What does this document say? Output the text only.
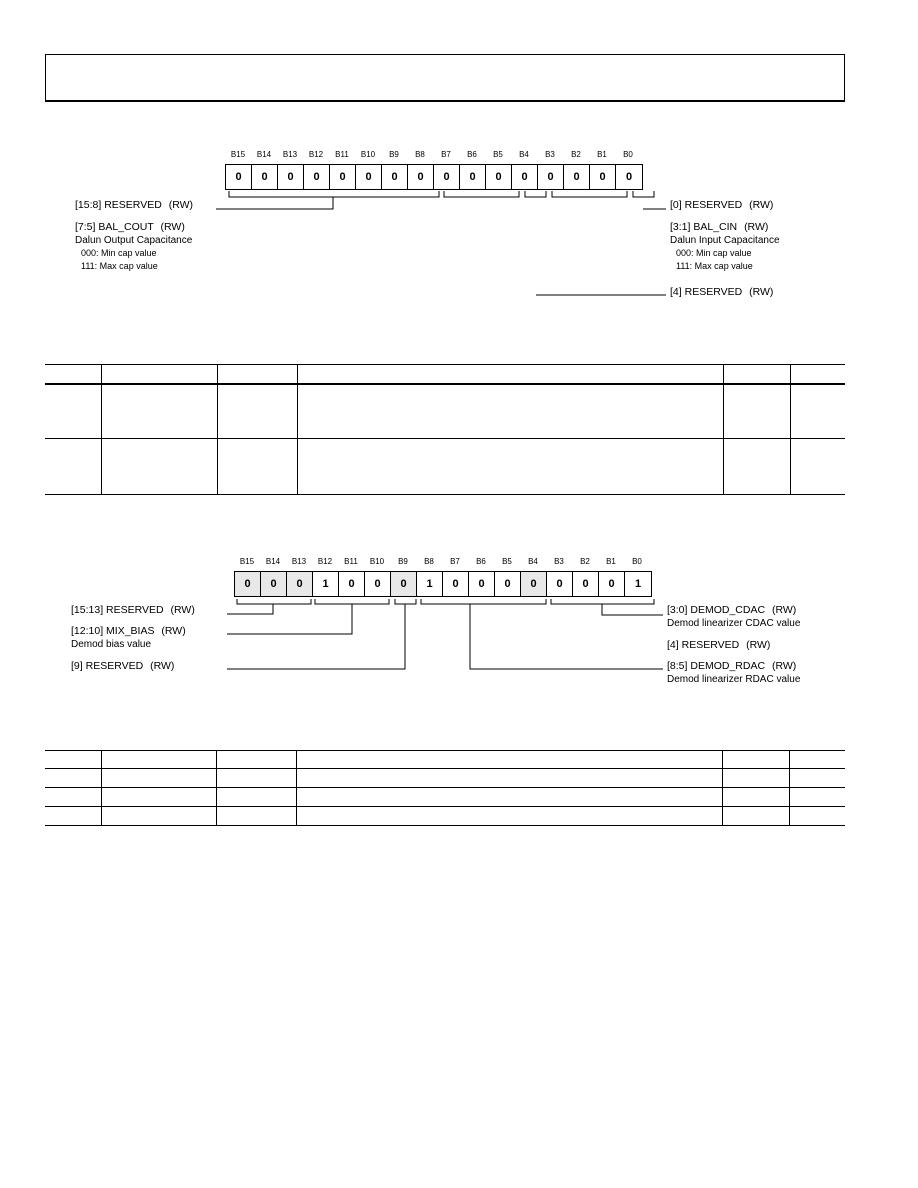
B15	B14	B13	B12	B11	B10	B9	B8	B7	B6	B5	B4	B3	B2	B1	B0
0	0	0	0	0	0	0	0	0	0	0	0	0	0	0	0
[15:8] RESERVED (RW)
[7:5] BAL_COUT (RW)
Dalun Output Capacitance
000: Min cap value
111: Max cap value
[0] RESERVED (RW)
[3:1] BAL_CIN (RW)
Dalun Input Capacitance
000: Min cap value
111: Max cap value
[4] RESERVED (RW)

B15	B14	B13	B12	B11	B10	B9	B8	B7	B6	B5	B4	B3	B2	B1	B0
0	0	0	1	0	0	0	1	0	0	0	0	0	0	0	1
[15:13] RESERVED (RW)
[12:10] MIX_BIAS (RW)
Demod bias value
[9] RESERVED (RW)
[3:0] DEMOD_CDAC (RW)
Demod linearizer CDAC value
[4] RESERVED (RW)
[8:5] DEMOD_RDAC (RW)
Demod linearizer RDAC value
